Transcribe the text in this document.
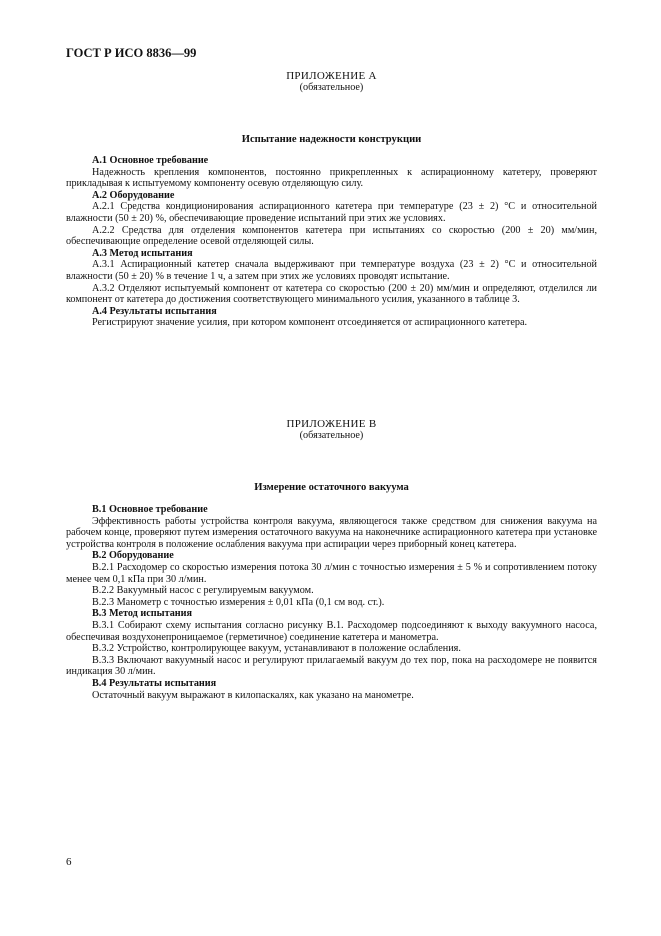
ГОСТ Р ИСО 8836—99
ПРИЛОЖЕНИЕ А
(обязательное)
Испытание надежности конструкции
А.1 Основное требование

Надежность крепления компонентов, постоянно прикрепленных к аспирационному катетеру, проверяют прикладывая к испытуемому компоненту осевую отделяющую силу.

А.2 Оборудование

А.2.1 Средства кондиционирования аспирационного катетера при температуре (23 ± 2) °С и относительной влажности (50 ± 20) %, обеспечивающие проведение испытаний при этих же условиях.

А.2.2 Средства для отделения компонентов катетера при испытаниях со скоростью (200 ± 20) мм/мин, обеспечивающие определение осевой отделяющей силы.

А.3 Метод испытания

А.3.1 Аспирационный катетер сначала выдерживают при температуре воздуха (23 ± 2) °С и относительной влажности (50 ± 20) % в течение 1 ч, а затем при этих же условиях проводят испытание.

А.3.2 Отделяют испытуемый компонент от катетера со скоростью (200 ± 20) мм/мин и определяют, отделился ли компонент от катетера до достижения соответствующего минимального усилия, указанного в таблице 3.

А.4 Результаты испытания

Регистрируют значение усилия, при котором компонент отсоединяется от аспирационного катетера.

ПРИЛОЖЕНИЕ В
(обязательное)
Измерение остаточного вакуума
В.1 Основное требование

Эффективность работы устройства контроля вакуума, являющегося также средством для снижения вакуума на рабочем конце, проверяют путем измерения остаточного вакуума на наконечнике аспирационного катетера при установке устройства контроля в положение ослабления вакуума при аспирации через приборный конец катетера.

В.2 Оборудование

В.2.1 Расходомер со скоростью измерения потока 30 л/мин с точностью измерения ± 5 % и сопротивлением потоку менее чем 0,1 кПа при 30 л/мин.

В.2.2 Вакуумный насос с регулируемым вакуумом.

В.2.3 Манометр с точностью измерения ± 0,01 кПа (0,1 см вод. ст.).

В.3 Метод испытания

В.3.1 Собирают схему испытания согласно рисунку В.1. Расходомер подсоединяют к выходу вакуумного насоса, обеспечивая воздухонепроницаемое (герметичное) соединение катетера и манометра.

В.3.2 Устройство, контролирующее вакуум, устанавливают в положение ослабления.

В.3.3 Включают вакуумный насос и регулируют прилагаемый вакуум до тех пор, пока на расходомере не появится индикация 30 л/мин.

В.4 Результаты испытания

Остаточный вакуум выражают в килопаскалях, как указано на манометре.

6
